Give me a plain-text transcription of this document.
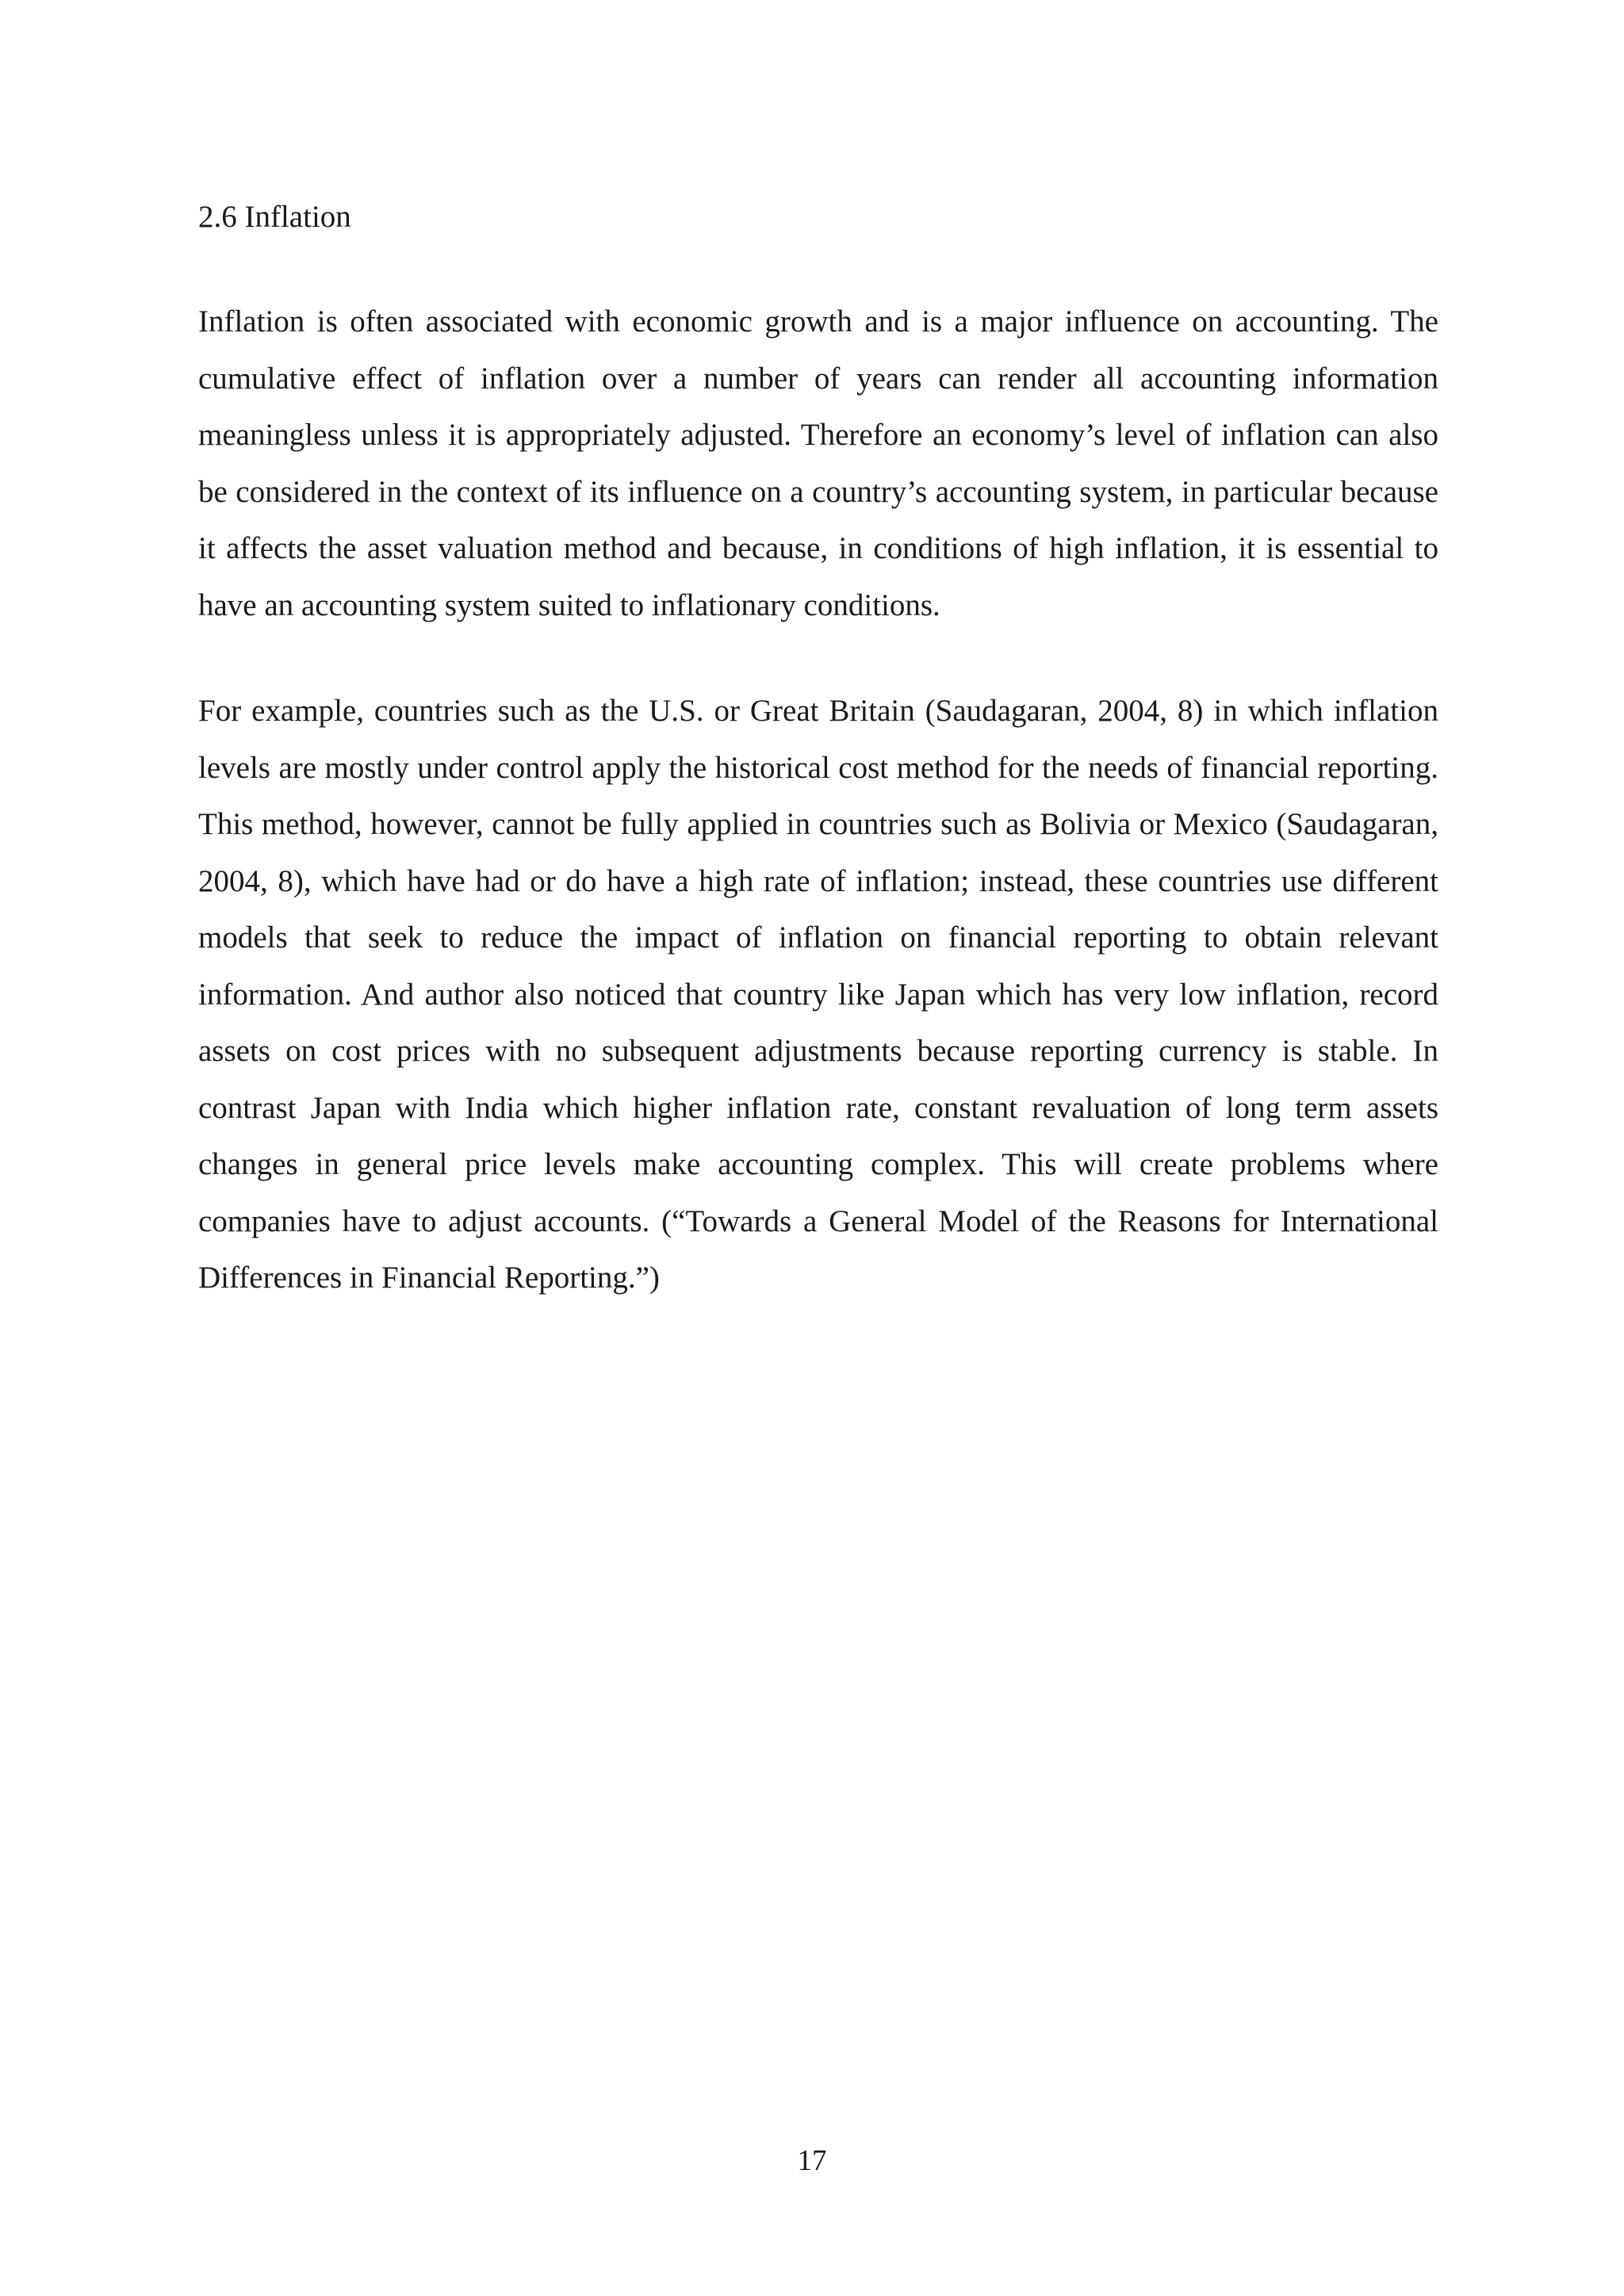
2.6 Inflation

Inflation is often associated with economic growth and is a major influence on accounting. The cumulative effect of inflation over a number of years can render all accounting information meaningless unless it is appropriately adjusted. Therefore an economy’s level of inflation can also be considered in the context of its influence on a country’s accounting system, in particular because it affects the asset valuation method and because, in conditions of high inflation, it is essential to have an accounting system suited to inflationary conditions.

For example, countries such as the U.S. or Great Britain (Saudagaran, 2004, 8) in which inflation levels are mostly under control apply the historical cost method for the needs of financial reporting. This method, however, cannot be fully applied in countries such as Bolivia or Mexico (Saudagaran, 2004, 8), which have had or do have a high rate of inflation; instead, these countries use different models that seek to reduce the impact of inflation on financial reporting to obtain relevant information. And author also noticed that country like Japan which has very low inflation, record assets on cost prices with no subsequent adjustments because reporting currency is stable. In contrast Japan with India which higher inflation rate, constant revaluation of long term assets changes in general price levels make accounting complex. This will create problems where companies have to adjust accounts. (“Towards a General Model of the Reasons for International Differences in Financial Reporting.”)

17
